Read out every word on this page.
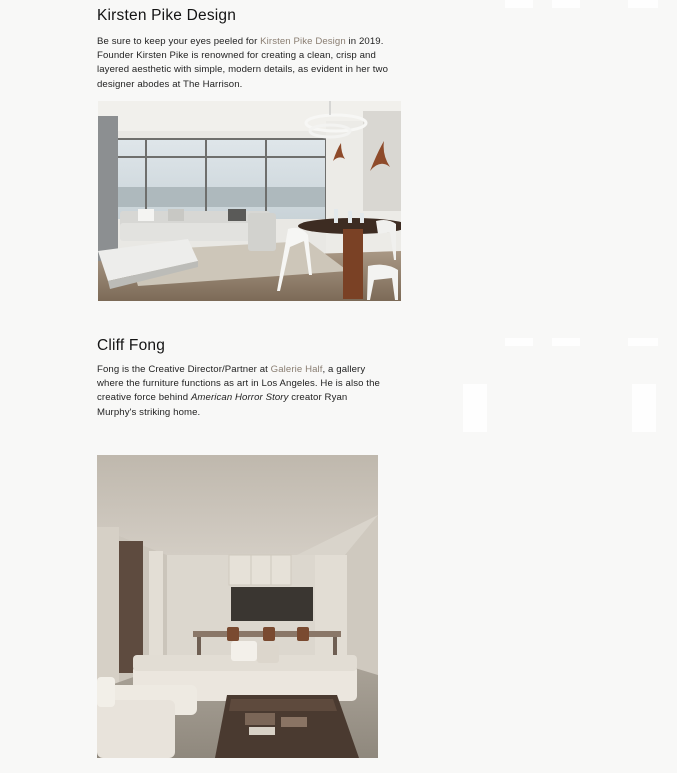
Kirsten Pike Design

Be sure to keep your eyes peeled for Kirsten Pike Design in 2019. Founder Kirsten Pike is renowned for creating a clean, crisp and layered aesthetic with simple, modern details, as evident in her two designer abodes at The Harrison.

Cliff Fong

Fong is the Creative Director/Partner at Galerie Half, a gallery where the furniture functions as art in Los Angeles. He is also the creative force behind American Horror Story creator Ryan Murphy's striking home.
